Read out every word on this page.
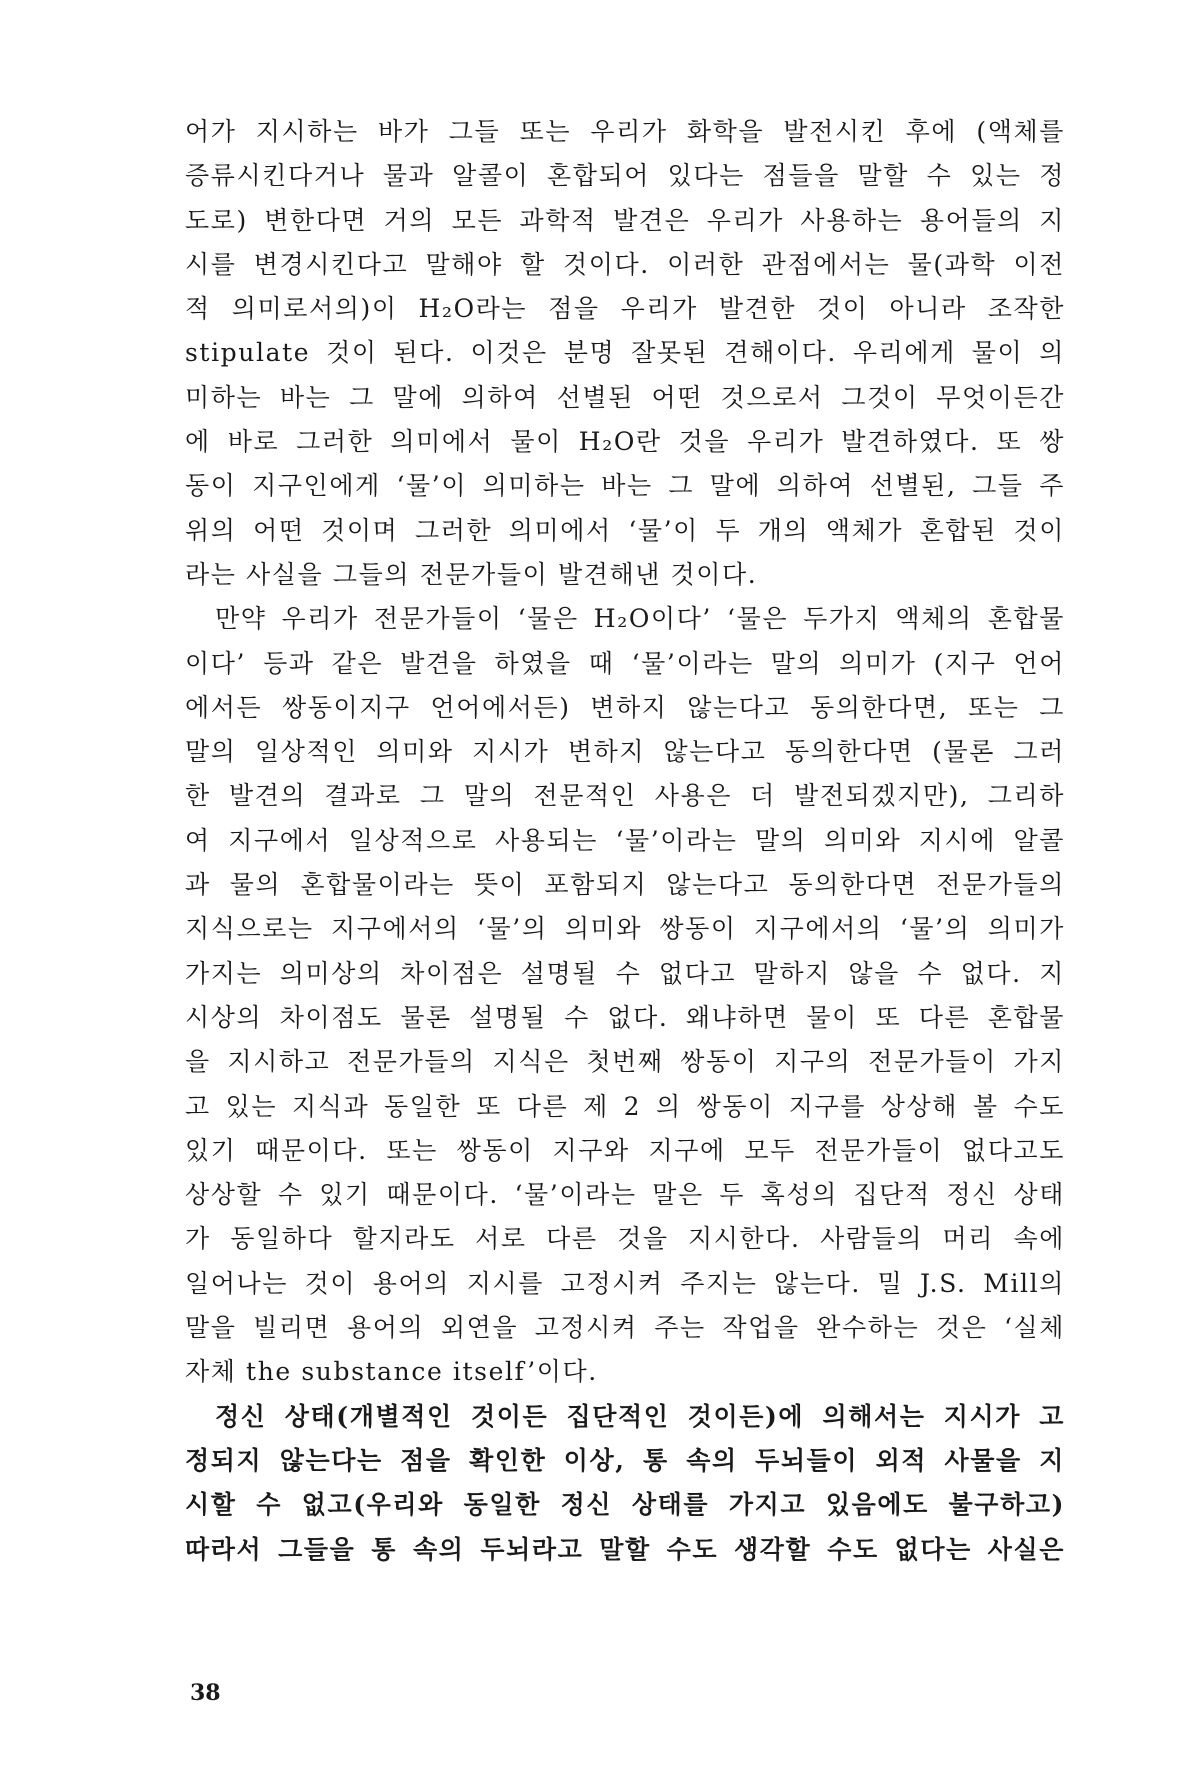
어가 지시하는 바가 그들 또는 우리가 화학을 발전시킨 후에 (액체를
증류시킨다거나 물과 알콜이 혼합되어 있다는 점들을 말할 수 있는 정
도로) 변한다면 거의 모든 과학적 발견은 우리가 사용하는 용어들의 지
시를 변경시킨다고 말해야 할 것이다. 이러한 관점에서는 물(과학 이전
적 의미로서의)이 H₂O라는 점을 우리가 발견한 것이 아니라 조작한
stipulate 것이 된다. 이것은 분명 잘못된 견해이다. 우리에게 물이 의
미하는 바는 그 말에 의하여 선별된 어떤 것으로서 그것이 무엇이든간
에 바로 그러한 의미에서 물이 H₂O란 것을 우리가 발견하였다. 또 쌍
동이 지구인에게 ‘물’이 의미하는 바는 그 말에 의하여 선별된, 그들 주
위의 어떤 것이며 그러한 의미에서 ‘물’이 두 개의 액체가 혼합된 것이
라는 사실을 그들의 전문가들이 발견해낸 것이다.
만약 우리가 전문가들이 ‘물은 H₂O이다’ ‘물은 두가지 액체의 혼합물
이다’ 등과 같은 발견을 하였을 때 ‘물’이라는 말의 의미가 (지구 언어
에서든 쌍동이지구 언어에서든) 변하지 않는다고 동의한다면, 또는 그
말의 일상적인 의미와 지시가 변하지 않는다고 동의한다면 (물론 그러
한 발견의 결과로 그 말의 전문적인 사용은 더 발전되겠지만), 그리하
여 지구에서 일상적으로 사용되는 ‘물’이라는 말의 의미와 지시에 알콜
과 물의 혼합물이라는 뜻이 포함되지 않는다고 동의한다면 전문가들의
지식으로는 지구에서의 ‘물’의 의미와 쌍동이 지구에서의 ‘물’의 의미가
가지는 의미상의 차이점은 설명될 수 없다고 말하지 않을 수 없다. 지
시상의 차이점도 물론 설명될 수 없다. 왜냐하면 물이 또 다른 혼합물
을 지시하고 전문가들의 지식은 첫번째 쌍동이 지구의 전문가들이 가지
고 있는 지식과 동일한 또 다른 제 2 의 쌍동이 지구를 상상해 볼 수도
있기 때문이다. 또는 쌍동이 지구와 지구에 모두 전문가들이 없다고도
상상할 수 있기 때문이다. ‘물’이라는 말은 두 혹성의 집단적 정신 상태
가 동일하다 할지라도 서로 다른 것을 지시한다. 사람들의 머리 속에
일어나는 것이 용어의 지시를 고정시켜 주지는 않는다. 밀 J.S. Mill의
말을 빌리면 용어의 외연을 고정시켜 주는 작업을 완수하는 것은 ‘실체
자체 the substance itself’이다.
정신 상태(개별적인 것이든 집단적인 것이든)에 의해서는 지시가 고
정되지 않는다는 점을 확인한 이상, 통 속의 두뇌들이 외적 사물을 지
시할 수 없고(우리와 동일한 정신 상태를 가지고 있음에도 불구하고)
따라서 그들을 통 속의 두뇌라고 말할 수도 생각할 수도 없다는 사실은
38
